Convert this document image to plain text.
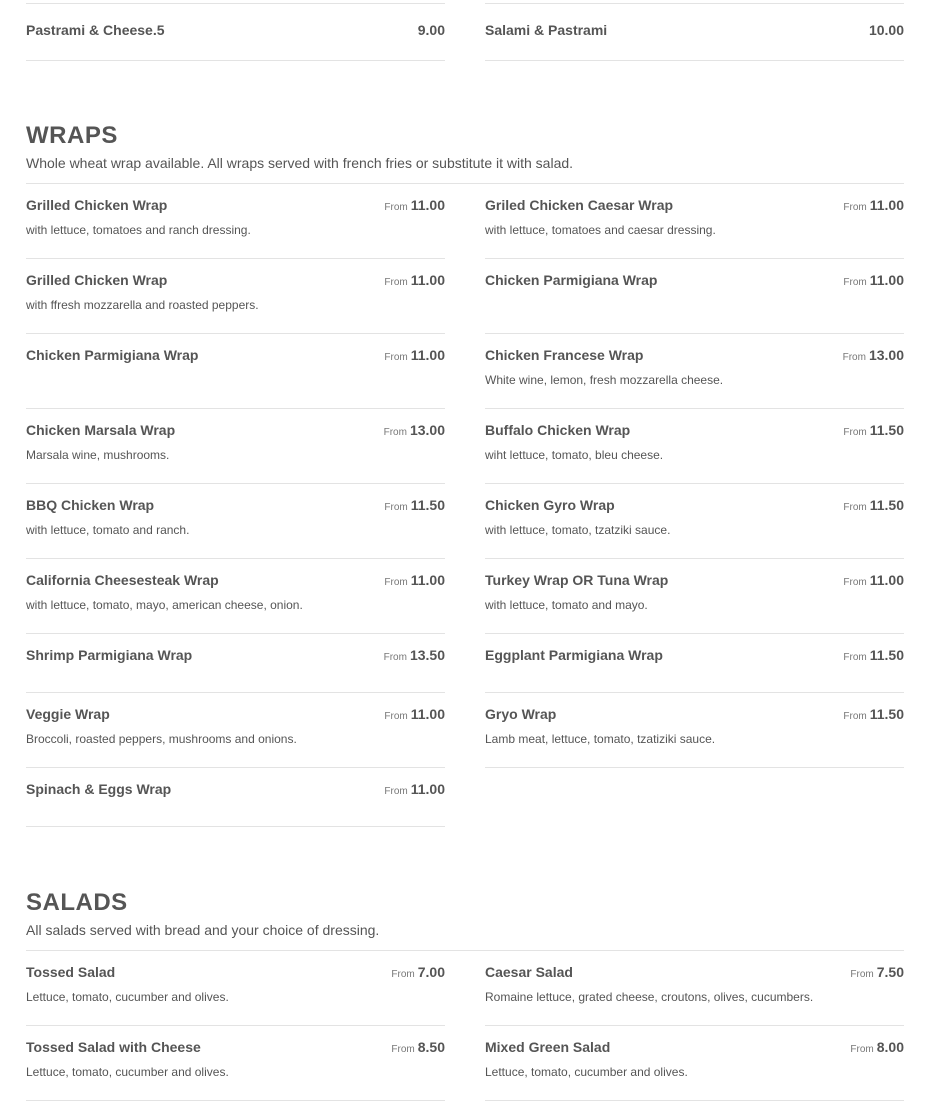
Pastrami & Cheese.5	9.00	Salami & Pastrami	10.00
WRAPS
Whole wheat wrap available. All wraps served with french fries or substitute it with salad.
Grilled Chicken Wrap	From 11.00
with lettuce, tomatoes and ranch dressing.
Grilled Chicken Wrap	From 11.00
with ffresh mozzarella and roasted peppers.
Chicken Parmigiana Wrap	From 11.00
Chicken Marsala Wrap	From 13.00
Marsala wine, mushrooms.
BBQ Chicken Wrap	From 11.50
with lettuce, tomato and ranch.
California Cheesesteak Wrap	From 11.00
with lettuce, tomato, mayo, american cheese, onion.
Shrimp Parmigiana Wrap	From 13.50
Veggie Wrap	From 11.00
Broccoli, roasted peppers, mushrooms and onions.
Spinach & Eggs Wrap	From 11.00
Griled Chicken Caesar Wrap	From 11.00
with lettuce, tomatoes and caesar dressing.
Chicken Parmigiana Wrap	From 11.00
Chicken Francese Wrap	From 13.00
White wine, lemon, fresh mozzarella cheese.
Buffalo Chicken Wrap	From 11.50
wiht lettuce, tomato, bleu cheese.
Chicken Gyro Wrap	From 11.50
with lettuce, tomato, tzatziki sauce.
Turkey Wrap OR Tuna Wrap	From 11.00
with lettuce, tomato and mayo.
Eggplant Parmigiana Wrap	From 11.50
Gryo Wrap	From 11.50
Lamb meat, lettuce, tomato, tzatiziki sauce.
SALADS
All salads served with bread and your choice of dressing.
Tossed Salad	From 7.00
Lettuce, tomato, cucumber and olives.
Tossed Salad with Cheese	From 8.50
Lettuce, tomato, cucumber and olives.
Caesar Salad	From 7.50
Romaine lettuce, grated cheese, croutons, olives, cucumbers.
Mixed Green Salad	From 8.00
Lettuce, tomato, cucumber and olives.
